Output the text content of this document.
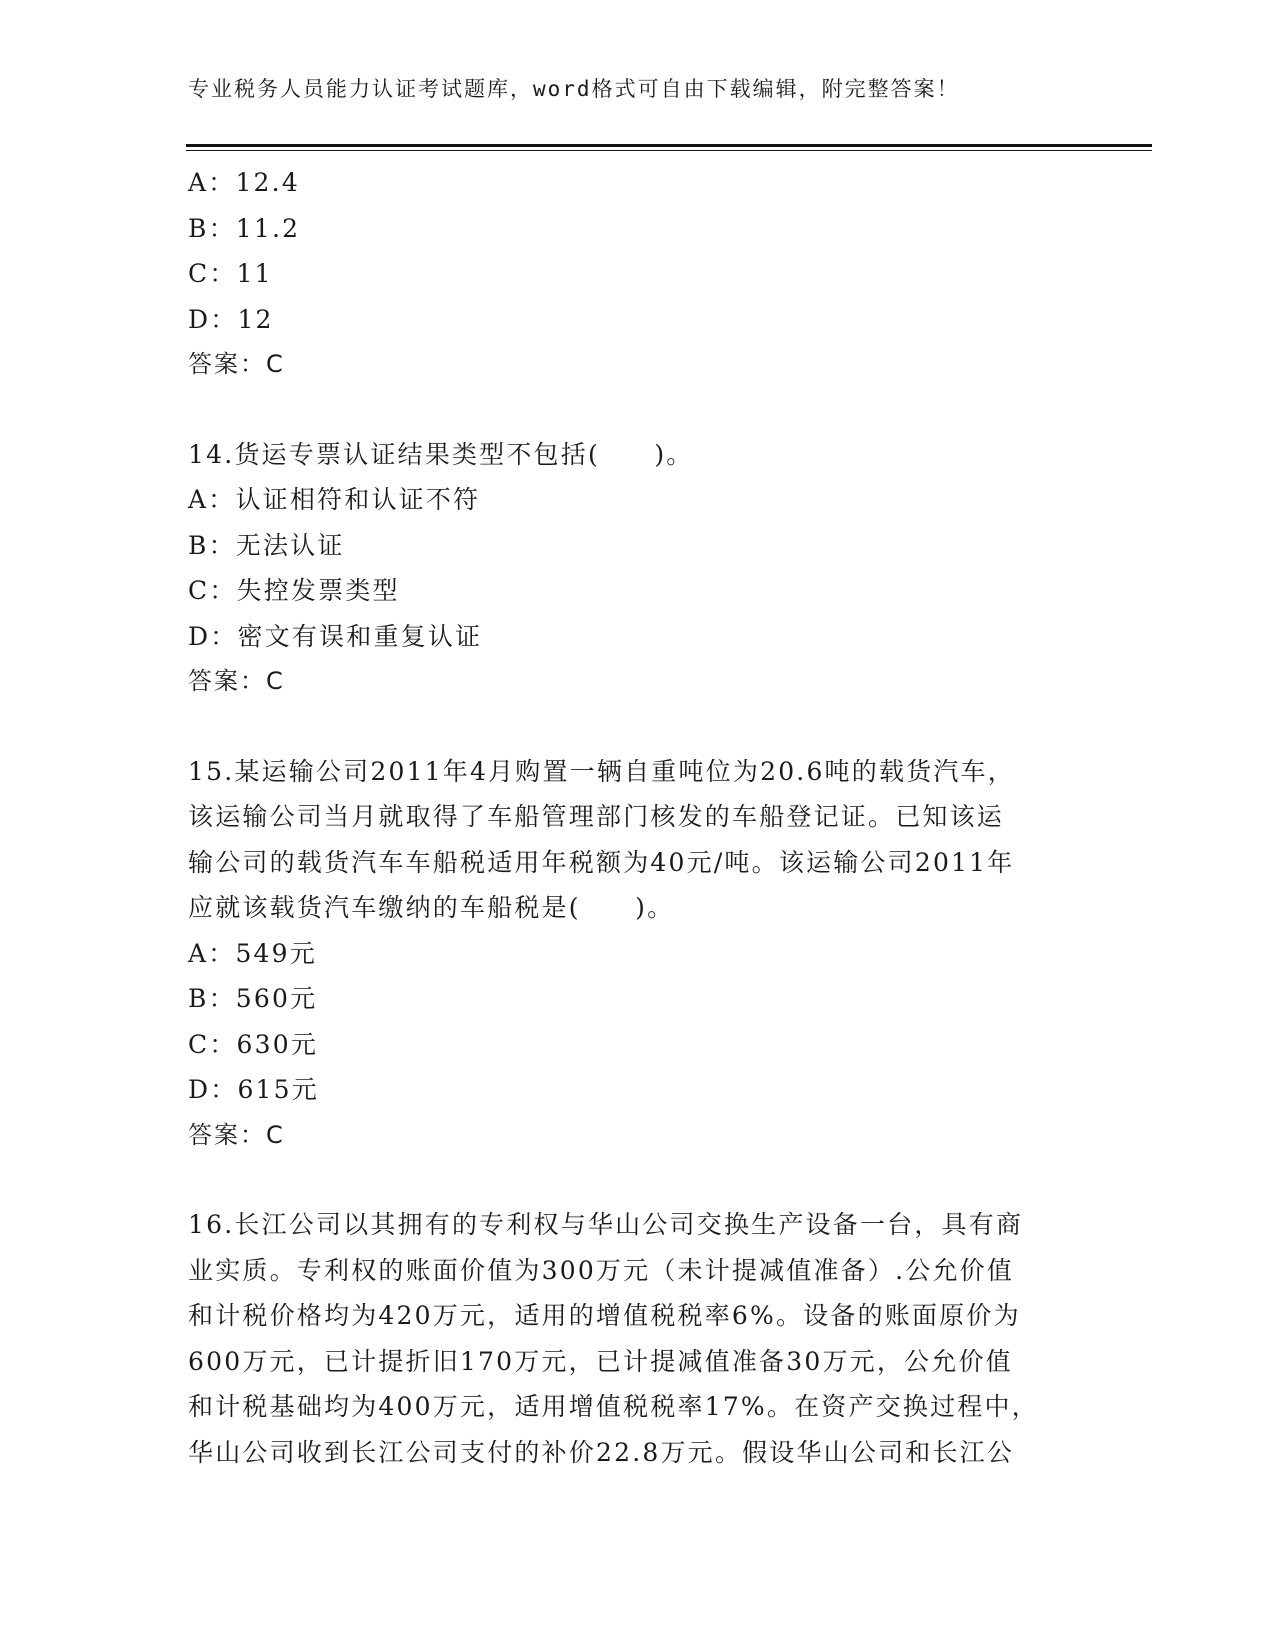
专业税务人员能力认证考试题库，word格式可自由下载编辑，附完整答案！
A：12.4
B：11.2
C：11
D：12
答案：C
14.货运专票认证结果类型不包括(　　)。
A：认证相符和认证不符
B：无法认证
C：失控发票类型
D：密文有误和重复认证
答案：C
15.某运输公司2011年4月购置一辆自重吨位为20.6吨的载货汽车，
该运输公司当月就取得了车船管理部门核发的车船登记证。已知该运
输公司的载货汽车车船税适用年税额为40元/吨。该运输公司2011年
应就该载货汽车缴纳的车船税是(　　)。
A：549元
B：560元
C：630元
D：615元
答案：C
16.长江公司以其拥有的专利权与华山公司交换生产设备一台，具有商
业实质。专利权的账面价值为300万元（未计提减值准备）.公允价值
和计税价格均为420万元，适用的增值税税率6%。设备的账面原价为
600万元，已计提折旧170万元，已计提减值准备30万元，公允价值
和计税基础均为400万元，适用增值税税率17%。在资产交换过程中，
华山公司收到长江公司支付的补价22.8万元。假设华山公司和长江公
